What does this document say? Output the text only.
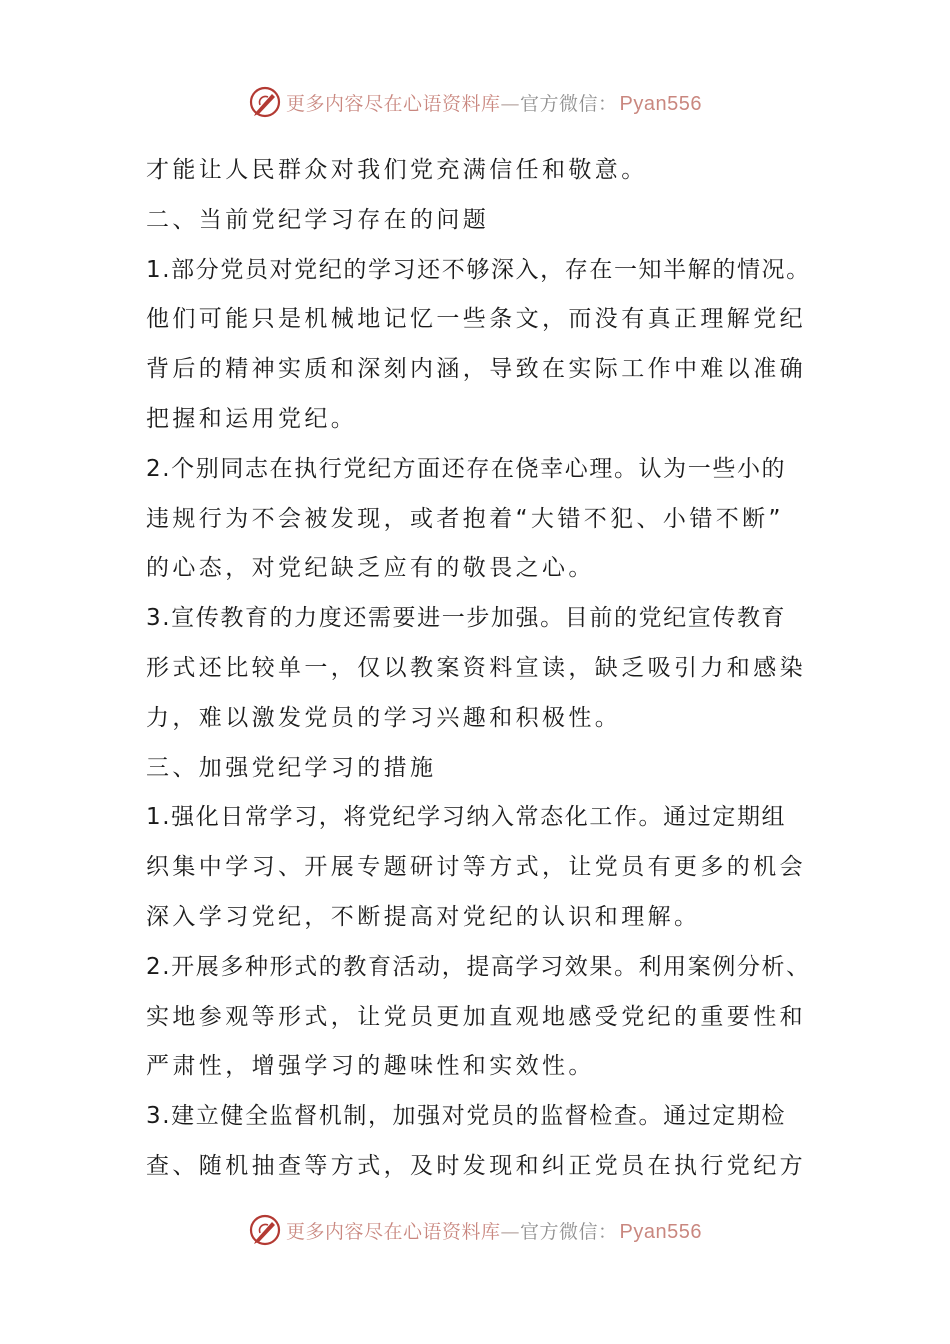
更多内容尽在心语资料库—官方微信： Pyan556
才能让人民群众对我们党充满信任和敬意。
二、当前党纪学习存在的问题
1.部分党员对党纪的学习还不够深入，存在一知半解的情况。
他们可能只是机械地记忆一些条文，而没有真正理解党纪
背后的精神实质和深刻内涵，导致在实际工作中难以准确
把握和运用党纪。
2.个别同志在执行党纪方面还存在侥幸心理。认为一些小的
违规行为不会被发现，或者抱着“大错不犯、小错不断”
的心态，对党纪缺乏应有的敬畏之心。
3.宣传教育的力度还需要进一步加强。目前的党纪宣传教育
形式还比较单一，仅以教案资料宣读，缺乏吸引力和感染
力，难以激发党员的学习兴趣和积极性。
三、加强党纪学习的措施
1.强化日常学习，将党纪学习纳入常态化工作。通过定期组
织集中学习、开展专题研讨等方式，让党员有更多的机会
深入学习党纪，不断提高对党纪的认识和理解。
2.开展多种形式的教育活动，提高学习效果。利用案例分析、
实地参观等形式，让党员更加直观地感受党纪的重要性和
严肃性，增强学习的趣味性和实效性。
3.建立健全监督机制，加强对党员的监督检查。通过定期检
查、随机抽查等方式，及时发现和纠正党员在执行党纪方
更多内容尽在心语资料库—官方微信： Pyan556
